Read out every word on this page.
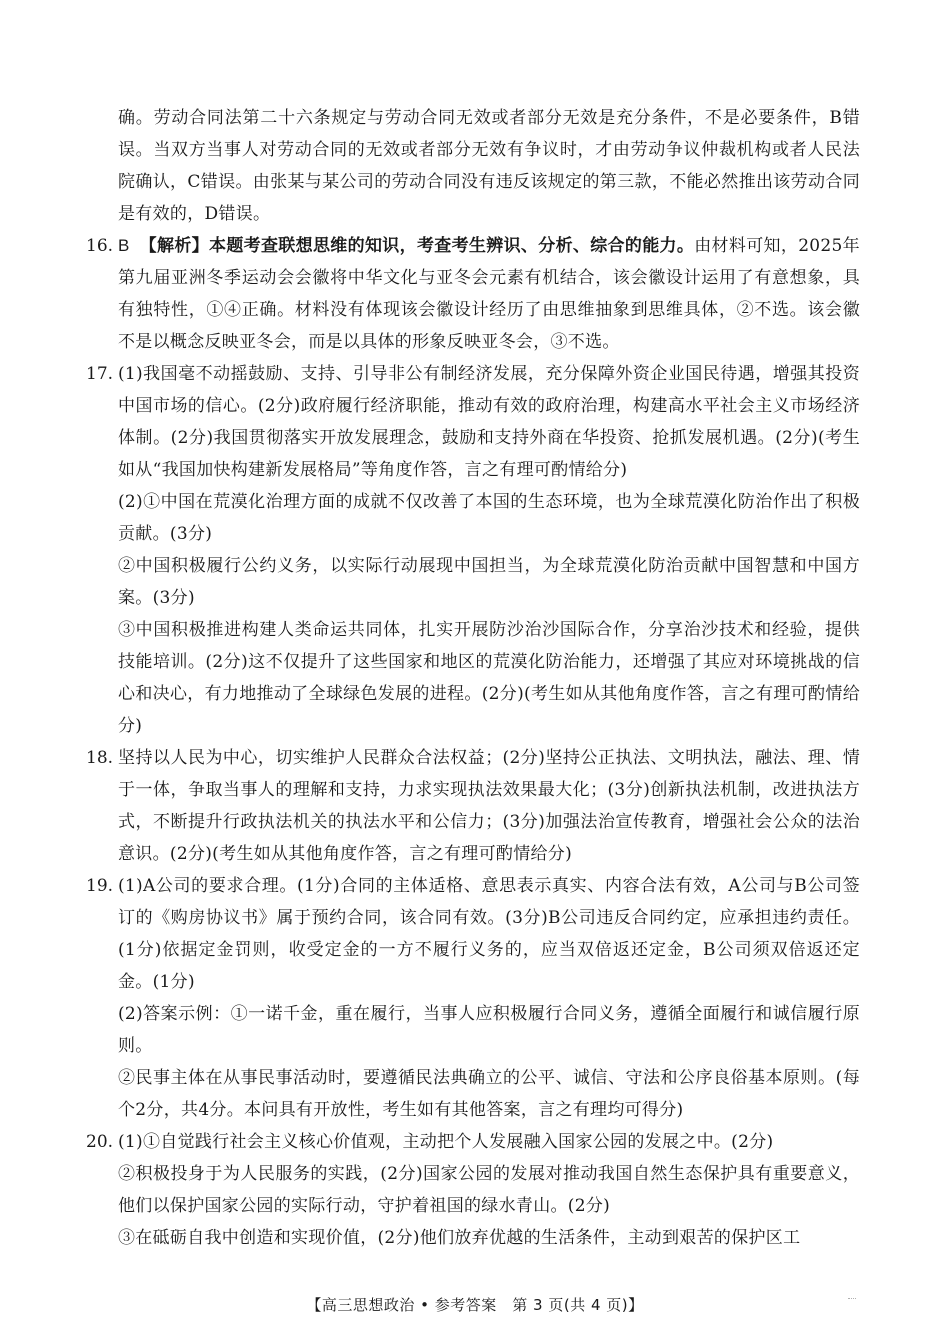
确。劳动合同法第二十六条规定与劳动合同无效或者部分无效是充分条件，不是必要条件，B错误。当双方当事人对劳动合同的无效或者部分无效有争议时，才由劳动争议仲裁机构或者人民法院确认，C错误。由张某与某公司的劳动合同没有违反该规定的第三款，不能必然推出该劳动合同是有效的，D错误。

16. B 【解析】本题考查联想思维的知识，考查考生辨识、分析、综合的能力。由材料可知，2025年第九届亚洲冬季运动会会徽将中华文化与亚冬会元素有机结合，该会徽设计运用了有意想象，具有独特性，①④正确。材料没有体现该会徽设计经历了由思维抽象到思维具体，②不选。该会徽不是以概念反映亚冬会，而是以具体的形象反映亚冬会，③不选。

17. (1)我国毫不动摇鼓励、支持、引导非公有制经济发展，充分保障外资企业国民待遇，增强其投资中国市场的信心。(2分)政府履行经济职能，推动有效的政府治理，构建高水平社会主义市场经济体制。(2分)我国贯彻落实开放发展理念，鼓励和支持外商在华投资、抢抓发展机遇。(2分)(考生如从“我国加快构建新发展格局”等角度作答，言之有理可酌情给分)

(2)①中国在荒漠化治理方面的成就不仅改善了本国的生态环境，也为全球荒漠化防治作出了积极贡献。(3分)

②中国积极履行公约义务，以实际行动展现中国担当，为全球荒漠化防治贡献中国智慧和中国方案。(3分)

③中国积极推进构建人类命运共同体，扎实开展防沙治沙国际合作，分享治沙技术和经验，提供技能培训。(2分)这不仅提升了这些国家和地区的荒漠化防治能力，还增强了其应对环境挑战的信心和决心，有力地推动了全球绿色发展的进程。(2分)(考生如从其他角度作答，言之有理可酌情给分)

18. 坚持以人民为中心，切实维护人民群众合法权益；(2分)坚持公正执法、文明执法，融法、理、情于一体，争取当事人的理解和支持，力求实现执法效果最大化；(3分)创新执法机制，改进执法方式，不断提升行政执法机关的执法水平和公信力；(3分)加强法治宣传教育，增强社会公众的法治意识。(2分)(考生如从其他角度作答，言之有理可酌情给分)

19. (1)A公司的要求合理。(1分)合同的主体适格、意思表示真实、内容合法有效，A公司与B公司签订的《购房协议书》属于预约合同，该合同有效。(3分)B公司违反合同约定，应承担违约责任。(1分)依据定金罚则，收受定金的一方不履行义务的，应当双倍返还定金，B公司须双倍返还定金。(1分)

(2)答案示例：①一诺千金，重在履行，当事人应积极履行合同义务，遵循全面履行和诚信履行原则。

②民事主体在从事民事活动时，要遵循民法典确立的公平、诚信、守法和公序良俗基本原则。(每个2分，共4分。本问具有开放性，考生如有其他答案，言之有理均可得分)

20. (1)①自觉践行社会主义核心价值观，主动把个人发展融入国家公园的发展之中。(2分)

②积极投身于为人民服务的实践，(2分)国家公园的发展对推动我国自然生态保护具有重要意义，他们以保护国家公园的实际行动，守护着祖国的绿水青山。(2分)

③在砥砺自我中创造和实现价值，(2分)他们放弃优越的生活条件，主动到艰苦的保护区工

【高三思想政治 • 参考答案　第 3 页(共 4 页)】
